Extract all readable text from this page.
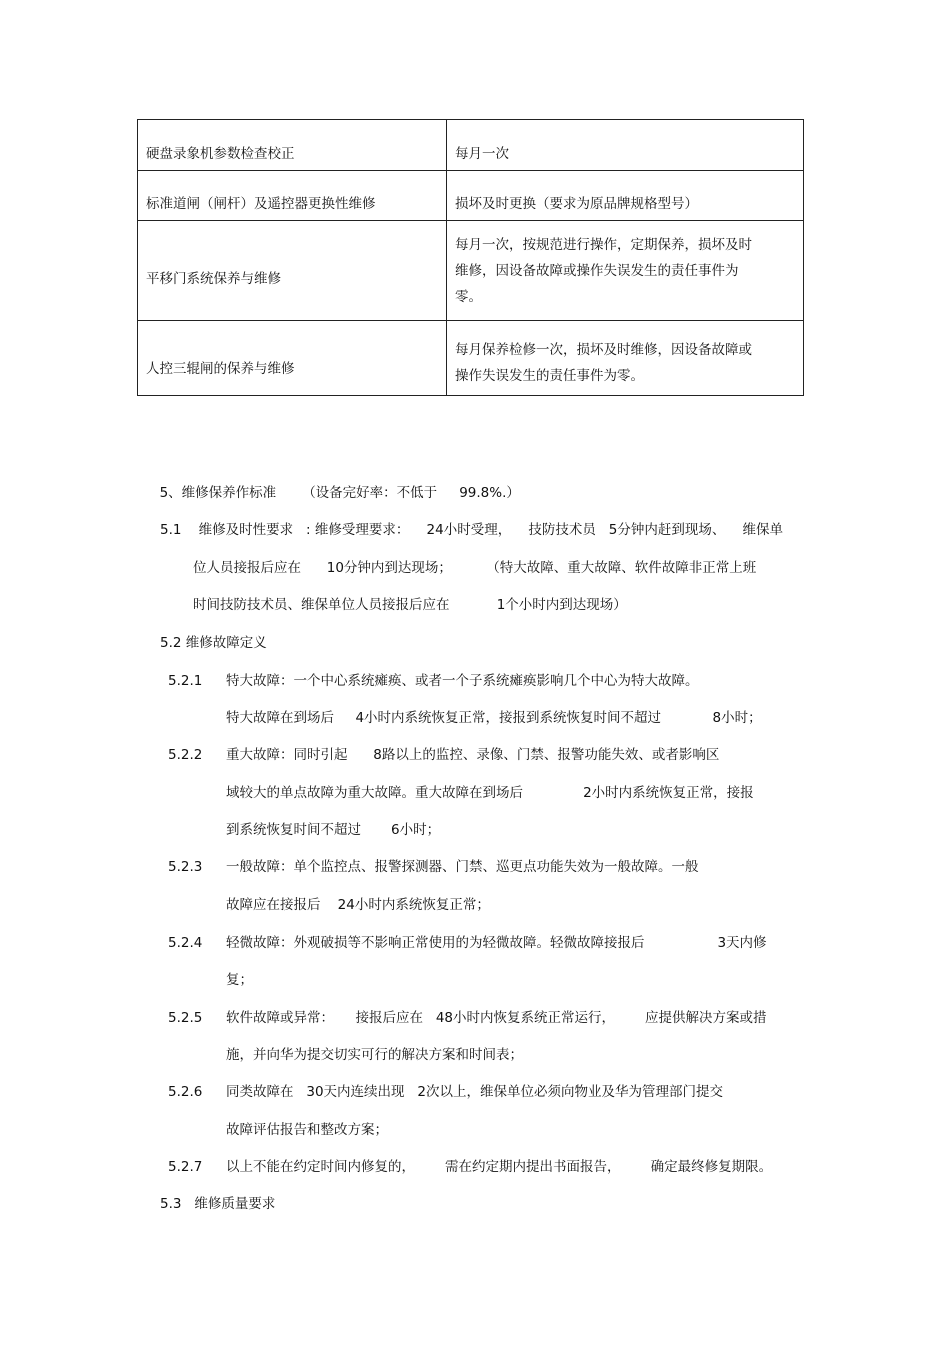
硬盘录象机参数检查校正	每月一次
标准道闸（闸杆）及遥控器更换性维修	损坏及时更换（要求为原品牌规格型号）
平移门系统保养与维修	每月一次，按规范进行操作，定期保养，损坏及时维修，因设备故障或操作失误发生的责任事件为零。
人控三辊闸的保养与维修	每月保养检修一次，损坏及时维修，因设备故障或操作失误发生的责任事件为零。

5、维修保养作标准 （设备完好率：不低于 99.8%.）

5.1    维修及时性要求   : 维修受理要求：    24小时受理，    技防技术员   5分钟内赶到现场、    维保单
位人员接报后应在      10分钟内到达现场；        （特大故障、重大故障、软件故障非正常上班
时间技防技术员、维保单位人员接报后应在           1个小时内到达现场）
5.2 维修故障定义
5.2.1 特大故障：一个中心系统瘫痪、或者一个子系统瘫痪影响几个中心为特大故障。
特大故障在到场后     4小时内系统恢复正常，接报到系统恢复时间不超过            8小时；
5.2.2 重大故障：同时引起      8路以上的监控、录像、门禁、报警功能失效、或者影响区
域较大的单点故障为重大故障。重大故障在到场后              2小时内系统恢复正常，接报
到系统恢复时间不超过       6小时；
5.2.3 一般故障：单个监控点、报警探测器、门禁、巡更点功能失效为一般故障。一般
故障应在接报后    24小时内系统恢复正常；
5.2.4 轻微故障：外观破损等不影响正常使用的为轻微故障。轻微故障接报后                 3天内修
复；
5.2.5 软件故障或异常：     接报后应在   48小时内恢复系统正常运行，       应提供解决方案或措
施，并向华为提交切实可行的解决方案和时间表；
5.2.6 同类故障在   30天内连续出现   2次以上，维保单位必须向物业及华为管理部门提交
故障评估报告和整改方案；
5.2.7 以上不能在约定时间内修复的，       需在约定期内提出书面报告，       确定最终修复期限。
5.3   维修质量要求
